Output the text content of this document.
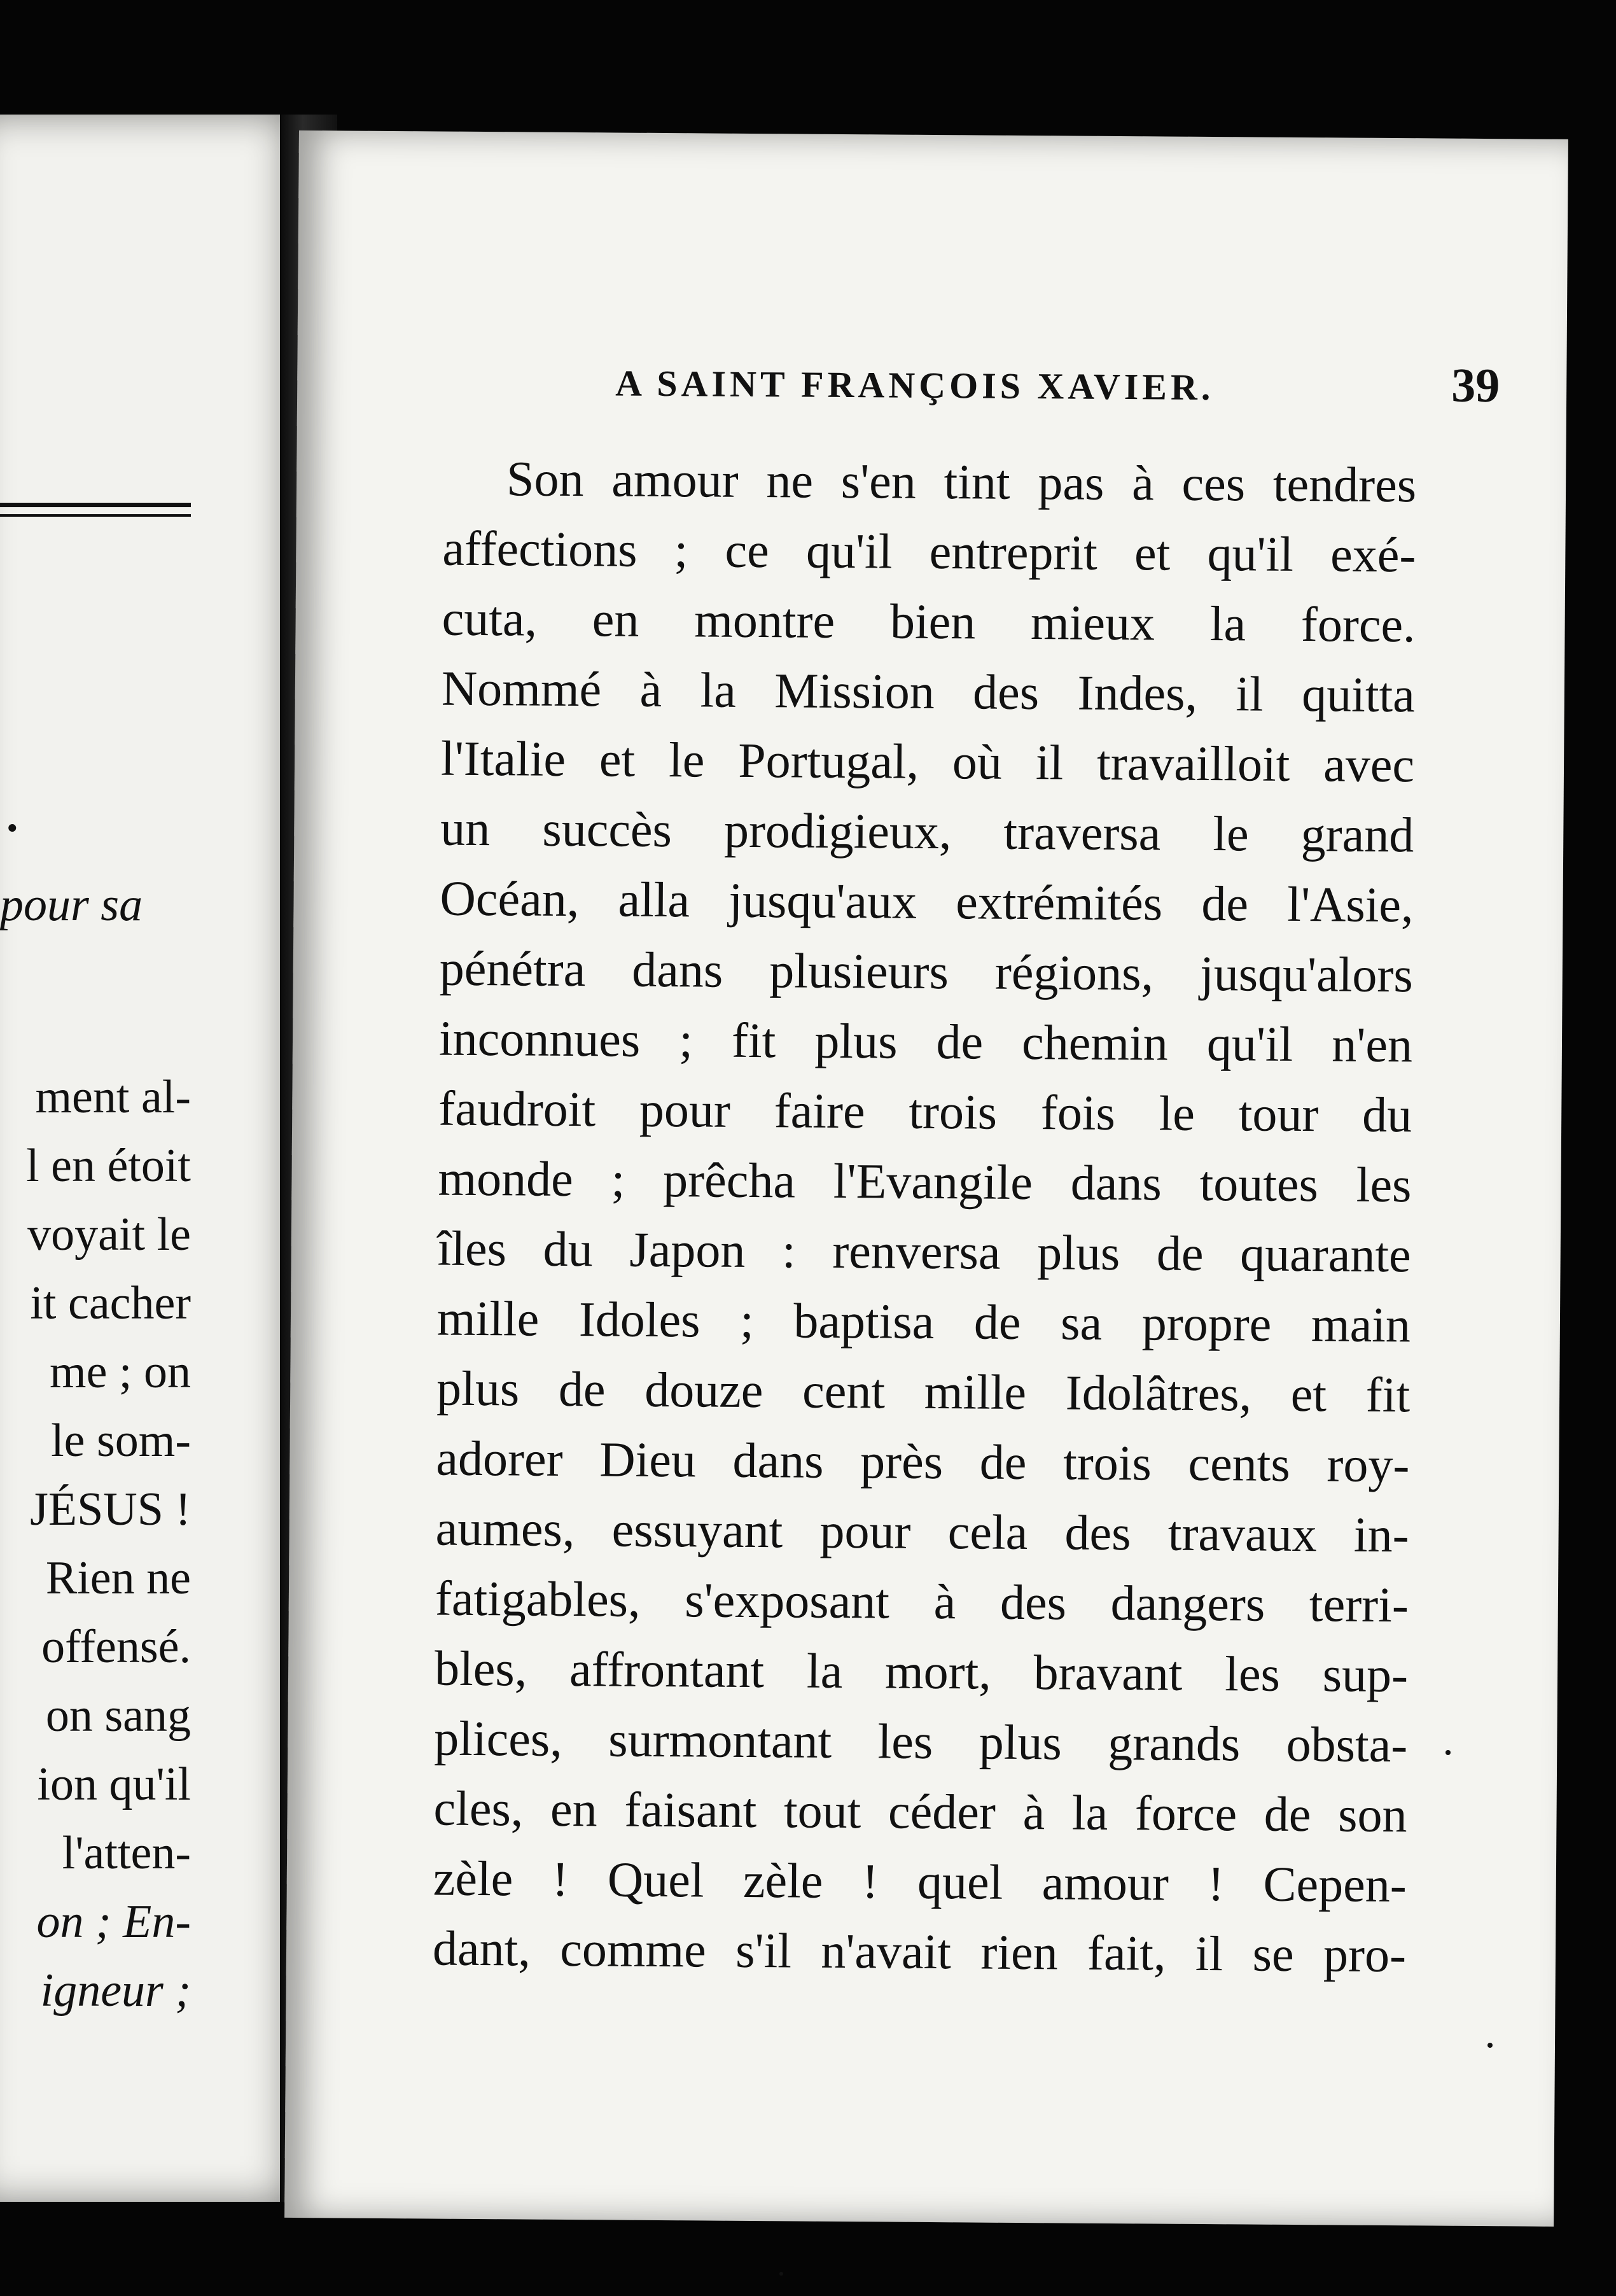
.
pour sa
ment al-
l en étoit
voyait le
it cacher
me ; on
le som-
JÉSUS !
Rien ne
offensé.
on sang
ion qu'il
l'atten-
on ; En-
igneur ;
A SAINT FRANÇOIS XAVIER.	39
Son amour ne s'en tint pas à ces tendres
affections ; ce qu'il entreprit et qu'il exé-
cuta, en montre bien mieux la force.
Nommé à la Mission des Indes, il quitta
l'Italie et le Portugal, où il travailloit avec
un succès prodigieux, traversa le grand
Océan, alla jusqu'aux extrémités de l'Asie,
pénétra dans plusieurs régions, jusqu'alors
inconnues ; fit plus de chemin qu'il n'en
faudroit pour faire trois fois le tour du
monde ; prêcha l'Evangile dans toutes les
îles du Japon : renversa plus de quarante
mille Idoles ; baptisa de sa propre main
plus de douze cent mille Idolâtres, et fit
adorer Dieu dans près de trois cents roy-
aumes, essuyant pour cela des travaux in-
fatigables, s'exposant à des dangers terri-
bles, affrontant la mort, bravant les sup-
plices, surmontant les plus grands obsta-
cles, en faisant tout céder à la force de son
zèle ! Quel zèle ! quel amour ! Cepen-
dant, comme s'il n'avait rien fait, il se pro-
